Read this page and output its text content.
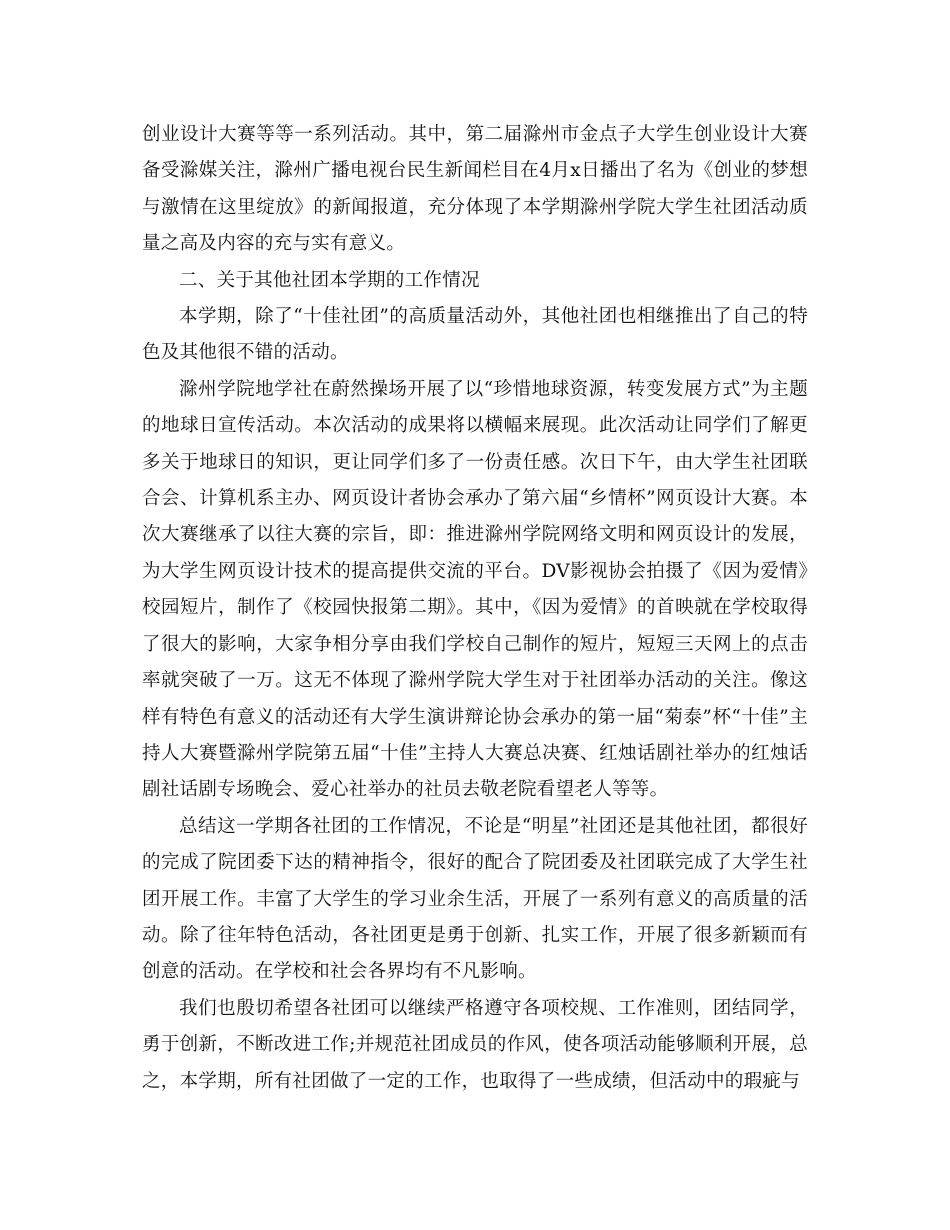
创业设计大赛等等一系列活动。其中，第二届滁州市金点子大学生创业设计大赛备受滁媒关注，滁州广播电视台民生新闻栏目在4月x日播出了名为《创业的梦想与激情在这里绽放》的新闻报道，充分体现了本学期滁州学院大学生社团活动质量之高及内容的充与实有意义。

二、关于其他社团本学期的工作情况

本学期，除了“十佳社团”的高质量活动外，其他社团也相继推出了自己的特色及其他很不错的活动。

滁州学院地学社在蔚然操场开展了以“珍惜地球资源，转变发展方式”为主题的地球日宣传活动。本次活动的成果将以横幅来展现。此次活动让同学们了解更多关于地球日的知识，更让同学们多了一份责任感。次日下午，由大学生社团联合会、计算机系主办、网页设计者协会承办了第六届“乡情杯”网页设计大赛。本次大赛继承了以往大赛的宗旨，即：推进滁州学院网络文明和网页设计的发展，为大学生网页设计技术的提高提供交流的平台。DV影视协会拍摄了《因为爱情》校园短片，制作了《校园快报第二期》。其中，《因为爱情》的首映就在学校取得了很大的影响，大家争相分享由我们学校自己制作的短片，短短三天网上的点击率就突破了一万。这无不体现了滁州学院大学生对于社团举办活动的关注。像这样有特色有意义的活动还有大学生演讲辩论协会承办的第一届“菊泰”杯“十佳”主持人大赛暨滁州学院第五届“十佳”主持人大赛总决赛、红烛话剧社举办的红烛话剧社话剧专场晚会、爱心社举办的社员去敬老院看望老人等等。

总结这一学期各社团的工作情况，不论是“明星”社团还是其他社团，都很好的完成了院团委下达的精神指令，很好的配合了院团委及社团联完成了大学生社团开展工作。丰富了大学生的学习业余生活，开展了一系列有意义的高质量的活动。除了往年特色活动，各社团更是勇于创新、扎实工作，开展了很多新颖而有创意的活动。在学校和社会各界均有不凡影响。

我们也殷切希望各社团可以继续严格遵守各项校规、工作准则，团结同学，勇于创新，不断改进工作;并规范社团成员的作风，使各项活动能够顺利开展，总之，本学期，所有社团做了一定的工作，也取得了一些成绩，但活动中的瑕疵与
